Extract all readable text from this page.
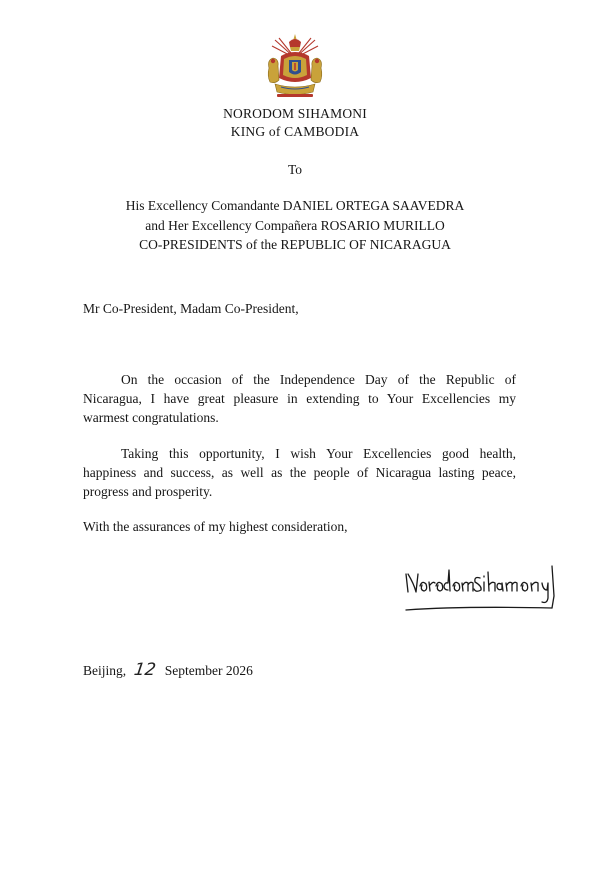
NORODOM SIHAMONI
KING of CAMBODIA
To
His Excellency Comandante DANIEL ORTEGA SAAVEDRA
and Her Excellency Compañera ROSARIO MURILLO
CO-PRESIDENTS of the REPUBLIC OF NICARAGUA
Mr Co-President, Madam Co-President,
On the occasion of the Independence Day of the Republic of
Nicaragua, I have great pleasure in extending to Your Excellencies my
warmest congratulations.
Taking this opportunity, I wish Your Excellencies good health,
happiness and success, as well as the people of Nicaragua lasting peace,
progress and prosperity.
With the assurances of my highest consideration,
Beijing, 12 September 2026
